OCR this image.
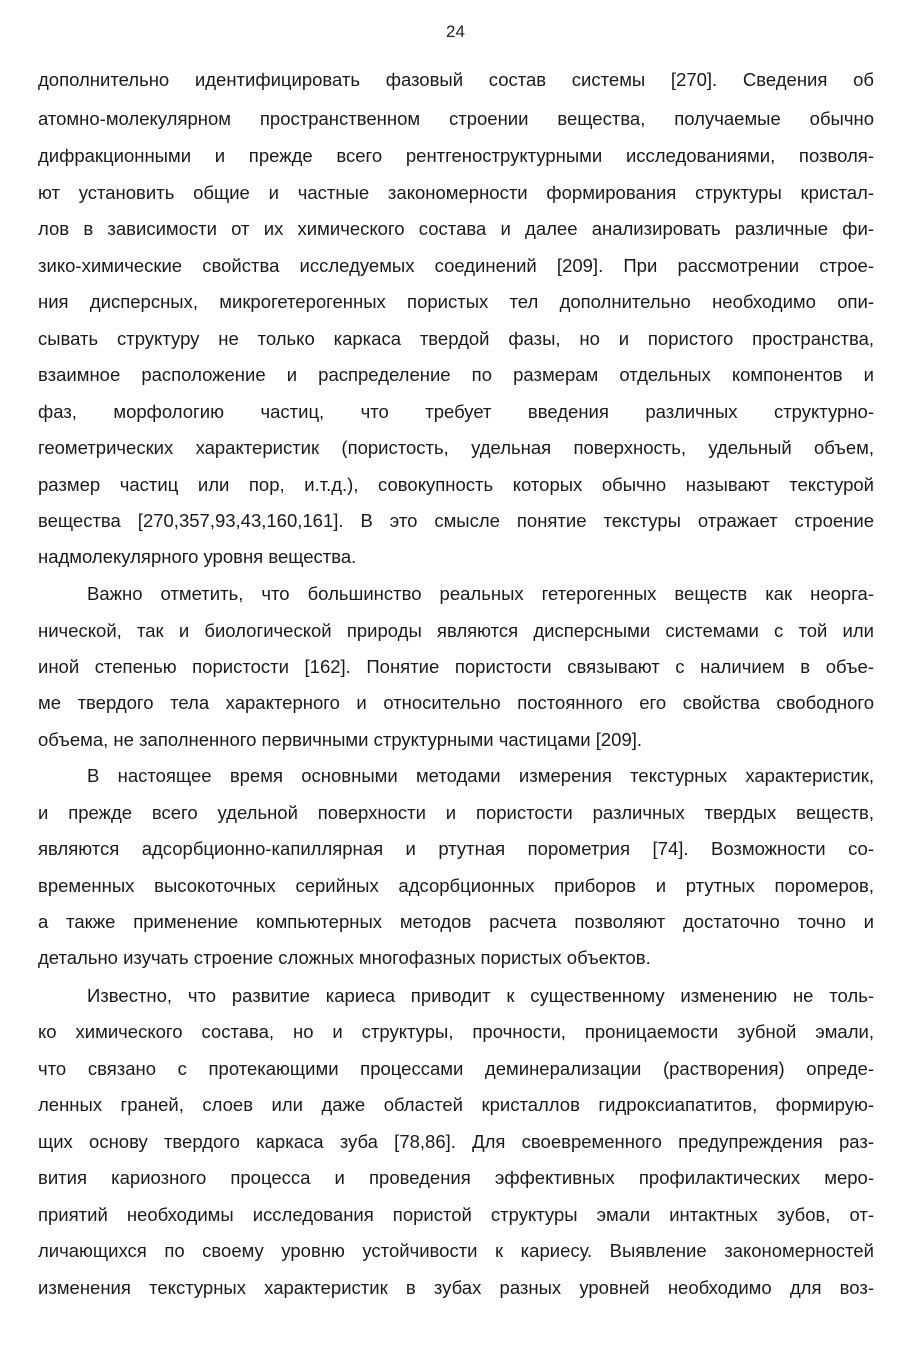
24
дополнительно идентифицировать фазовый состав системы [270]. Сведения об
атомно-молекулярном пространственном строении вещества, получаемые обычно
дифракционными и прежде всего рентгеноструктурными исследованиями, позволя-
ют установить общие и частные закономерности формирования структуры кристал-
лов в зависимости от их химического состава и далее анализировать различные фи-
зико-химические свойства исследуемых соединений [209]. При рассмотрении строе-
ния дисперсных, микрогетерогенных пористых тел дополнительно необходимо опи-
сывать структуру не только каркаса твердой фазы, но и пористого пространства,
взаимное расположение и распределение по размерам отдельных компонентов и
фаз, морфологию частиц, что требует введения различных структурно-
геометрических характеристик (пористость, удельная поверхность, удельный объем,
размер частиц или пор, и.т.д.), совокупность которых обычно называют текстурой
вещества [270,357,93,43,160,161]. В это смысле понятие текстуры отражает строение
надмолекулярного уровня вещества.
Важно отметить, что большинство реальных гетерогенных веществ как неорга-
нической, так и биологической природы являются дисперсными системами с той или
иной степенью пористости [162]. Понятие пористости связывают с наличием в объе-
ме твердого тела характерного и относительно постоянного его свойства свободного
объема, не заполненного первичными структурными частицами [209].
В настоящее время основными методами измерения текстурных характеристик,
и прежде всего удельной поверхности и пористости различных твердых веществ,
являются адсорбционно-капиллярная и ртутная порометрия [74]. Возможности со-
временных высокоточных серийных адсорбционных приборов и ртутных поромеров,
а также применение компьютерных методов расчета позволяют достаточно точно и
детально изучать строение сложных многофазных пористых объектов.
Известно, что развитие кариеса приводит к существенному изменению не толь-
ко химического состава, но и структуры, прочности, проницаемости зубной эмали,
что связано с протекающими процессами деминерализации (растворения) опреде-
ленных граней, слоев или даже областей кристаллов гидроксиапатитов, формирую-
щих основу твердого каркаса зуба [78,86]. Для своевременного предупреждения раз-
вития кариозного процесса и проведения эффективных профилактических меро-
приятий необходимы исследования пористой структуры эмали интактных зубов, от-
личающихся по своему уровню устойчивости к кариесу. Выявление закономерностей
изменения текстурных характеристик в зубах разных уровней необходимо для воз-
